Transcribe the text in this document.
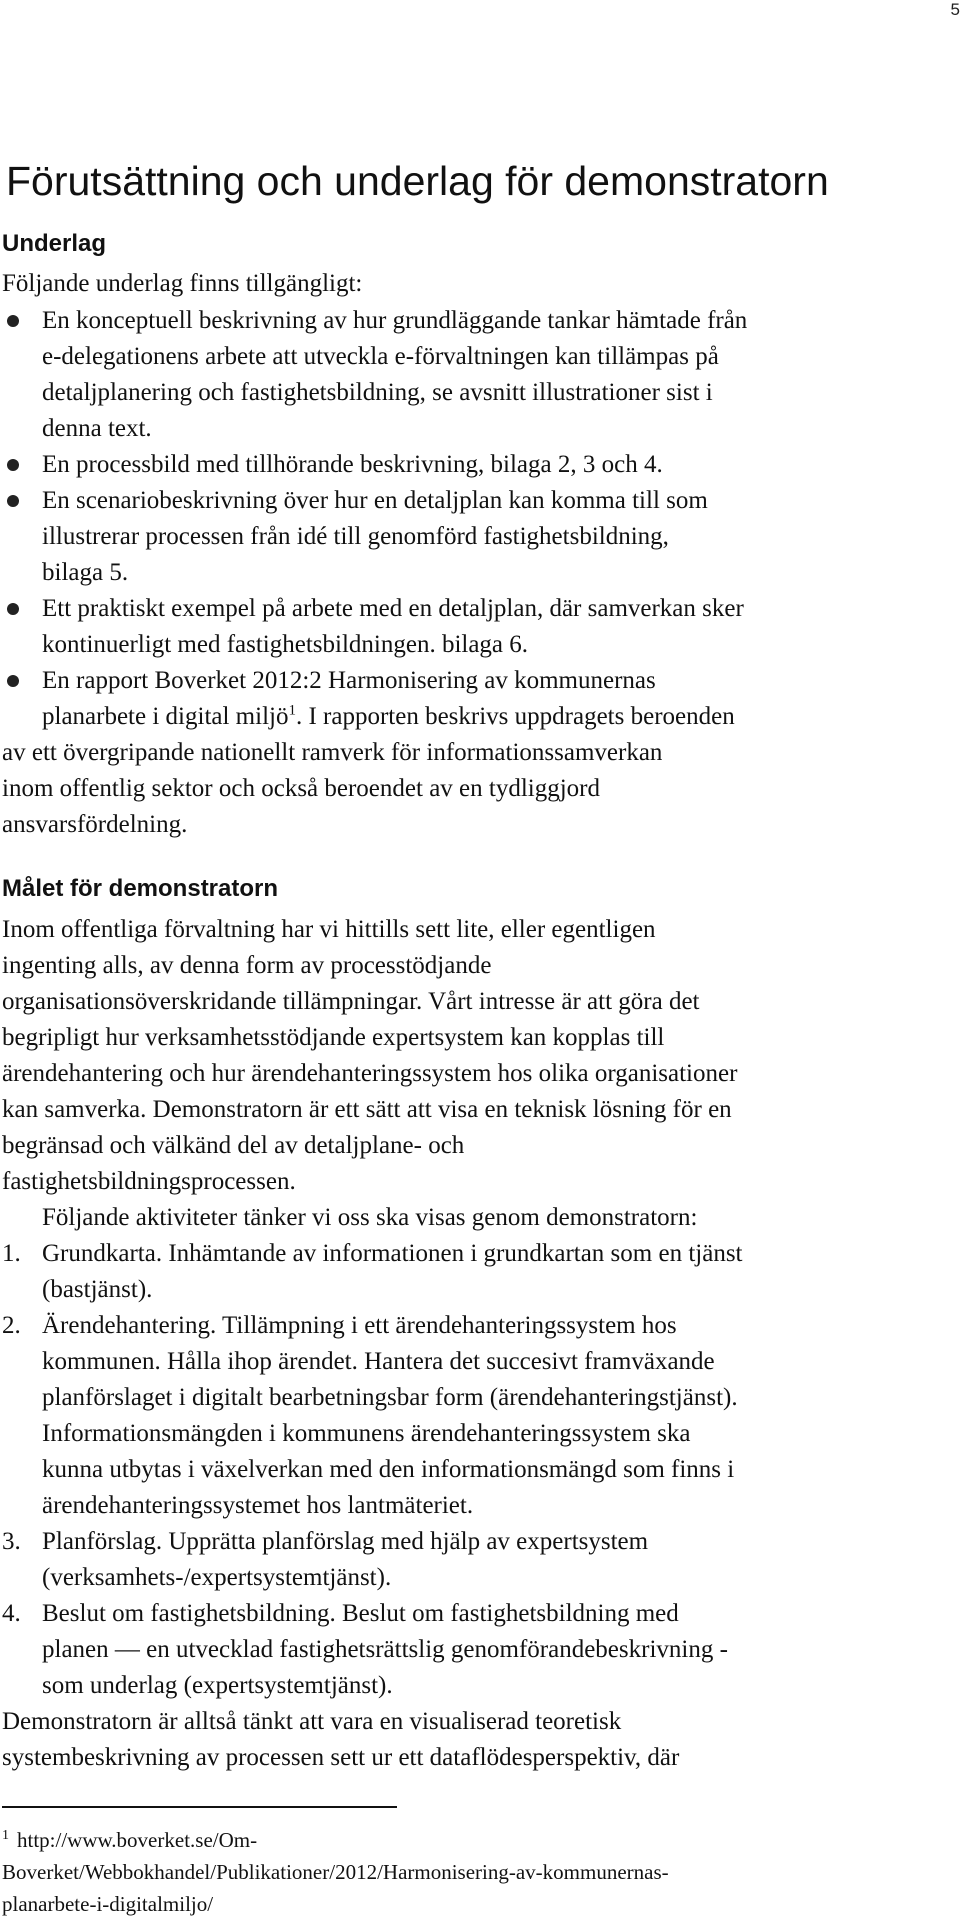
5
Förutsättning och underlag för demonstratorn
Underlag
Följande underlag finns tillgängligt:
En konceptuell beskrivning av hur grundläggande tankar hämtade från
e-delegationens arbete att utveckla e-förvaltningen kan tillämpas på
detaljplanering och fastighetsbildning, se avsnitt illustrationer sist i
denna text.
En processbild med tillhörande beskrivning, bilaga 2, 3 och 4.
En scenariobeskrivning över hur en detaljplan kan komma till som
illustrerar processen från idé till genomförd fastighetsbildning,
bilaga 5.
Ett praktiskt exempel på arbete med en detaljplan, där samverkan sker
kontinuerligt med fastighetsbildningen. bilaga 6.
En rapport Boverket 2012:2 Harmonisering av kommunernas
planarbete i digital miljö$^1$. I rapporten beskrivs uppdragets beroenden
av ett övergripande nationellt ramverk för informationssamverkan
inom offentlig sektor och också beroendet av en tydliggjord
ansvarsfördelning.
Målet för demonstratorn
Inom offentliga förvaltning har vi hittills sett lite, eller egentligen
ingenting alls, av denna form av processtödjande
organisationsöverskridande tillämpningar. Vårt intresse är att göra det
begripligt hur verksamhetsstödjande expertsystem kan kopplas till
ärendehantering och hur ärendehanteringssystem hos olika organisationer
kan samverka. Demonstratorn är ett sätt att visa en teknisk lösning för en
begränsad och välkänd del av detaljplane- och
fastighetsbildningsprocessen.
Följande aktiviteter tänker vi oss ska visas genom demonstratorn:
1. Grundkarta. Inhämtande av informationen i grundkartan som en tjänst
(bastjänst).
2. Ärendehantering. Tillämpning i ett ärendehanteringssystem hos
kommunen. Hålla ihop ärendet. Hantera det succesivt framväxande
planförslaget i digitalt bearbetningsbar form (ärendehanteringstjänst).
Informationsmängden i kommunens ärendehanteringssystem ska
kunna utbytas i växelverkan med den informationsmängd som finns i
ärendehanteringssystemet hos lantmäteriet.
3. Planförslag. Upprätta planförslag med hjälp av expertsystem
(verksamhets-/expertsystemtjänst).
4. Beslut om fastighetsbildning. Beslut om fastighetsbildning med
planen — en utvecklad fastighetsrättslig genomförandebeskrivning -
som underlag (expertsystemtjänst).
Demonstratorn är alltså tänkt att vara en visualiserad teoretisk
systembeskrivning av processen sett ur ett dataflödesperspektiv, där
$^1$ http://www.boverket.se/Om-
Boverket/Webbokhandel/Publikationer/2012/Harmonisering-av-kommunernas-
planarbete-i-digitalmiljo/
